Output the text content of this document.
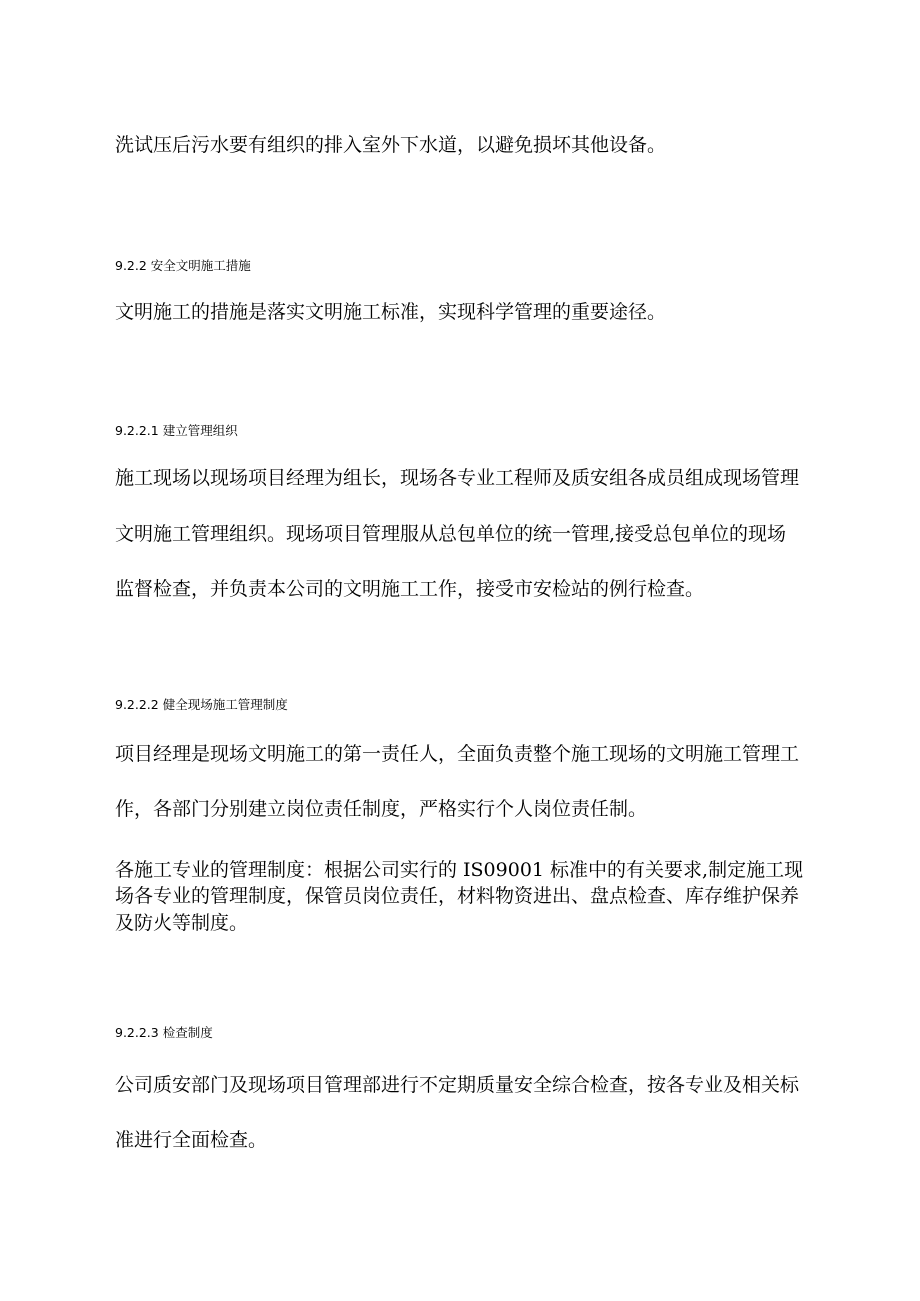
洗试压后污水要有组织的排入室外下水道，以避免损坏其他设备。
9.2.2 安全文明施工措施
文明施工的措施是落实文明施工标准，实现科学管理的重要途径。
9.2.2.1 建立管理组织
施工现场以现场项目经理为组长，现场各专业工程师及质安组各成员组成现场管理
文明施工管理组织。现场项目管理服从总包单位的统一管理,接受总包单位的现场
监督检查，并负责本公司的文明施工工作，接受市安检站的例行检查。
9.2.2.2 健全现场施工管理制度
项目经理是现场文明施工的第一责任人，全面负责整个施工现场的文明施工管理工
作，各部门分别建立岗位责任制度，严格实行个人岗位责任制。
各施工专业的管理制度：根据公司实行的 IS09001 标准中的有关要求,制定施工现
场各专业的管理制度，保管员岗位责任，材料物资进出、盘点检查、库存维护保养
及防火等制度。
9.2.2.3 检查制度
公司质安部门及现场项目管理部进行不定期质量安全综合检查，按各专业及相关标
准进行全面检查。
